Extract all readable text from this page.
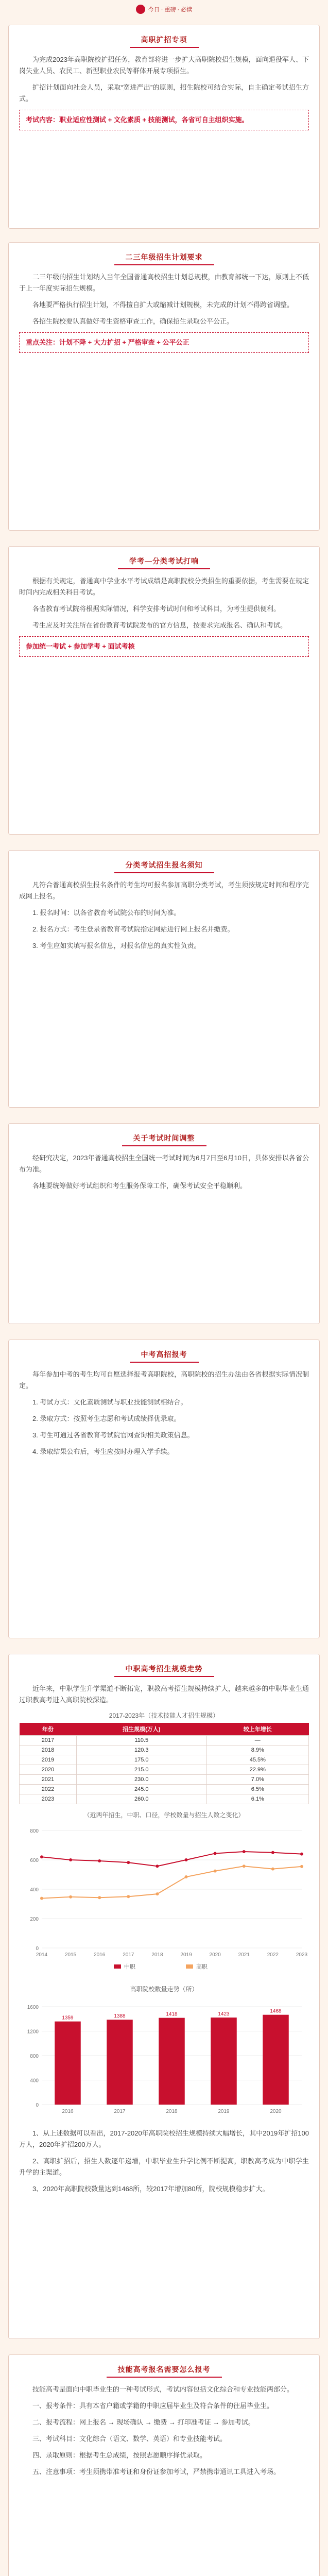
今日 · 重磅 · 必读
高职扩招专项

为完成2023年高职院校扩招任务，教育部将进一步扩大高职院校招生规模，面向退役军人、下岗失业人员、农民工、新型职业农民等群体开展专项招生。

扩招计划面向社会人员，采取“宽进严出”的原则，招生院校可结合实际，自主确定考试招生方式。

考试内容：职业适应性测试 + 文化素质 + 技能测试，各省可自主组织实施。
二三年级招生计划要求

二三年级的招生计划纳入当年全国普通高校招生计划总规模，由教育部统一下达，原则上不低于上一年度实际招生规模。

各地要严格执行招生计划，不得擅自扩大或缩减计划规模，未完成的计划不得跨省调整。

各招生院校要认真做好考生资格审查工作，确保招生录取公平公正。

重点关注：计划不降 + 大力扩招 + 严格审查 + 公平公正
学考—分类考试打响

根据有关规定，普通高中学业水平考试成绩是高职院校分类招生的重要依据，考生需要在规定时间内完成相关科目考试。

各省教育考试院将根据实际情况，科学安排考试时间和考试科目，为考生提供便利。

考生应及时关注所在省份教育考试院发布的官方信息，按要求完成报名、确认和考试。

参加统一考试 + 参加学考 + 面试考核
分类考试招生报名须知

凡符合普通高校招生报名条件的考生均可报名参加高职分类考试，考生须按规定时间和程序完成网上报名。

1. 报名时间：以各省教育考试院公布的时间为准。

2. 报名方式：考生登录省教育考试院指定网站进行网上报名并缴费。

3. 考生应如实填写报名信息，对报名信息的真实性负责。

关于考试时间调整

经研究决定，2023年普通高校招生全国统一考试时间为6月7日至6月10日，具体安排以各省公布为准。

各地要统筹做好考试组织和考生服务保障工作，确保考试安全平稳顺利。

中考高招报考

每年参加中考的考生均可自愿选择报考高职院校，高职院校的招生办法由各省根据实际情况制定。

1. 考试方式：文化素质测试与职业技能测试相结合。

2. 录取方式：按照考生志愿和考试成绩择优录取。

3. 考生可通过各省教育考试院官网查询相关政策信息。

4. 录取结果公布后，考生应按时办理入学手续。

中职高考招生规模走势

近年来，中职学生升学渠道不断拓宽，职教高考招生规模持续扩大，越来越多的中职毕业生通过职教高考进入高职院校深造。

2017-2023年（技术技能人才招生规模）
年份	招生规模(万人)	较上年增长
2017	110.5	—
2018	120.3	8.9%
2019	175.0	45.5%
2020	215.0	22.9%
2021	230.0	7.0%
2022	245.0	6.5%
2023	260.0	6.1%
（近两年招生，中职、口径，学校数量与招生人数之变化）
0
200
400
600
800
2014	2015	2016	2017	2018	2019	2020	2021	2022	2023
中职	高职
高职院校数量走势（所）
0
400
800
1200
1600
1359
2016
1388
2017
1418
2018
1423
2019
1468
2020

1、从上述数据可以看出，2017-2020年高职院校招生规模持续大幅增长，其中2019年扩招100万人，2020年扩招200万人。

2、高职扩招后，招生人数逐年递增，中职毕业生升学比例不断提高，职教高考成为中职学生升学的主渠道。

3、2020年高职院校数量达到1468所，较2017年增加80所，院校规模稳步扩大。

技能高考报名需要怎么报考

技能高考是面向中职毕业生的一种考试形式，考试内容包括文化综合和专业技能两部分。

一、报考条件：具有本省户籍或学籍的中职应届毕业生及符合条件的往届毕业生。

二、报考流程：网上报名 → 现场确认 → 缴费 → 打印准考证 → 参加考试。

三、考试科目：文化综合（语文、数学、英语）和专业技能考试。

四、录取原则：根据考生总成绩，按照志愿顺序择优录取。

五、注意事项：考生须携带准考证和身份证参加考试，严禁携带通讯工具进入考场。
